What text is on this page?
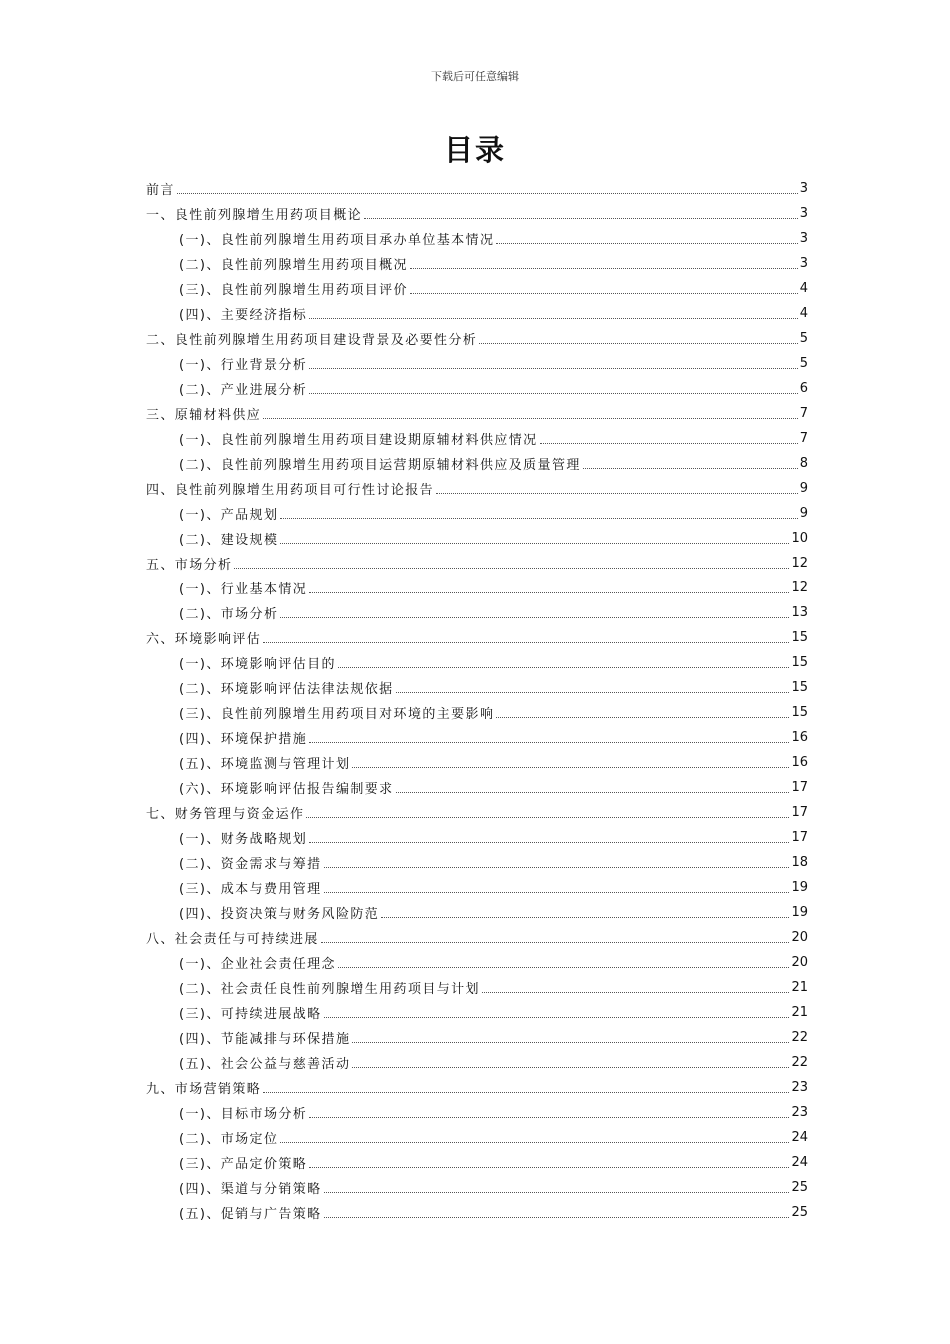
下载后可任意编辑
目录
前言	3
一、良性前列腺增生用药项目概论	3
(一)、良性前列腺增生用药项目承办单位基本情况	3
(二)、良性前列腺增生用药项目概况	3
(三)、良性前列腺增生用药项目评价	4
(四)、主要经济指标	4
二、良性前列腺增生用药项目建设背景及必要性分析	5
(一)、行业背景分析	5
(二)、产业进展分析	6
三、原辅材料供应	7
(一)、良性前列腺增生用药项目建设期原辅材料供应情况	7
(二)、良性前列腺增生用药项目运营期原辅材料供应及质量管理	8
四、良性前列腺增生用药项目可行性讨论报告	9
(一)、产品规划	9
(二)、建设规模	10
五、市场分析	12
(一)、行业基本情况	12
(二)、市场分析	13
六、环境影响评估	15
(一)、环境影响评估目的	15
(二)、环境影响评估法律法规依据	15
(三)、良性前列腺增生用药项目对环境的主要影响	15
(四)、环境保护措施	16
(五)、环境监测与管理计划	16
(六)、环境影响评估报告编制要求	17
七、财务管理与资金运作	17
(一)、财务战略规划	17
(二)、资金需求与筹措	18
(三)、成本与费用管理	19
(四)、投资决策与财务风险防范	19
八、社会责任与可持续进展	20
(一)、企业社会责任理念	20
(二)、社会责任良性前列腺增生用药项目与计划	21
(三)、可持续进展战略	21
(四)、节能减排与环保措施	22
(五)、社会公益与慈善活动	22
九、市场营销策略	23
(一)、目标市场分析	23
(二)、市场定位	24
(三)、产品定价策略	24
(四)、渠道与分销策略	25
(五)、促销与广告策略	25
